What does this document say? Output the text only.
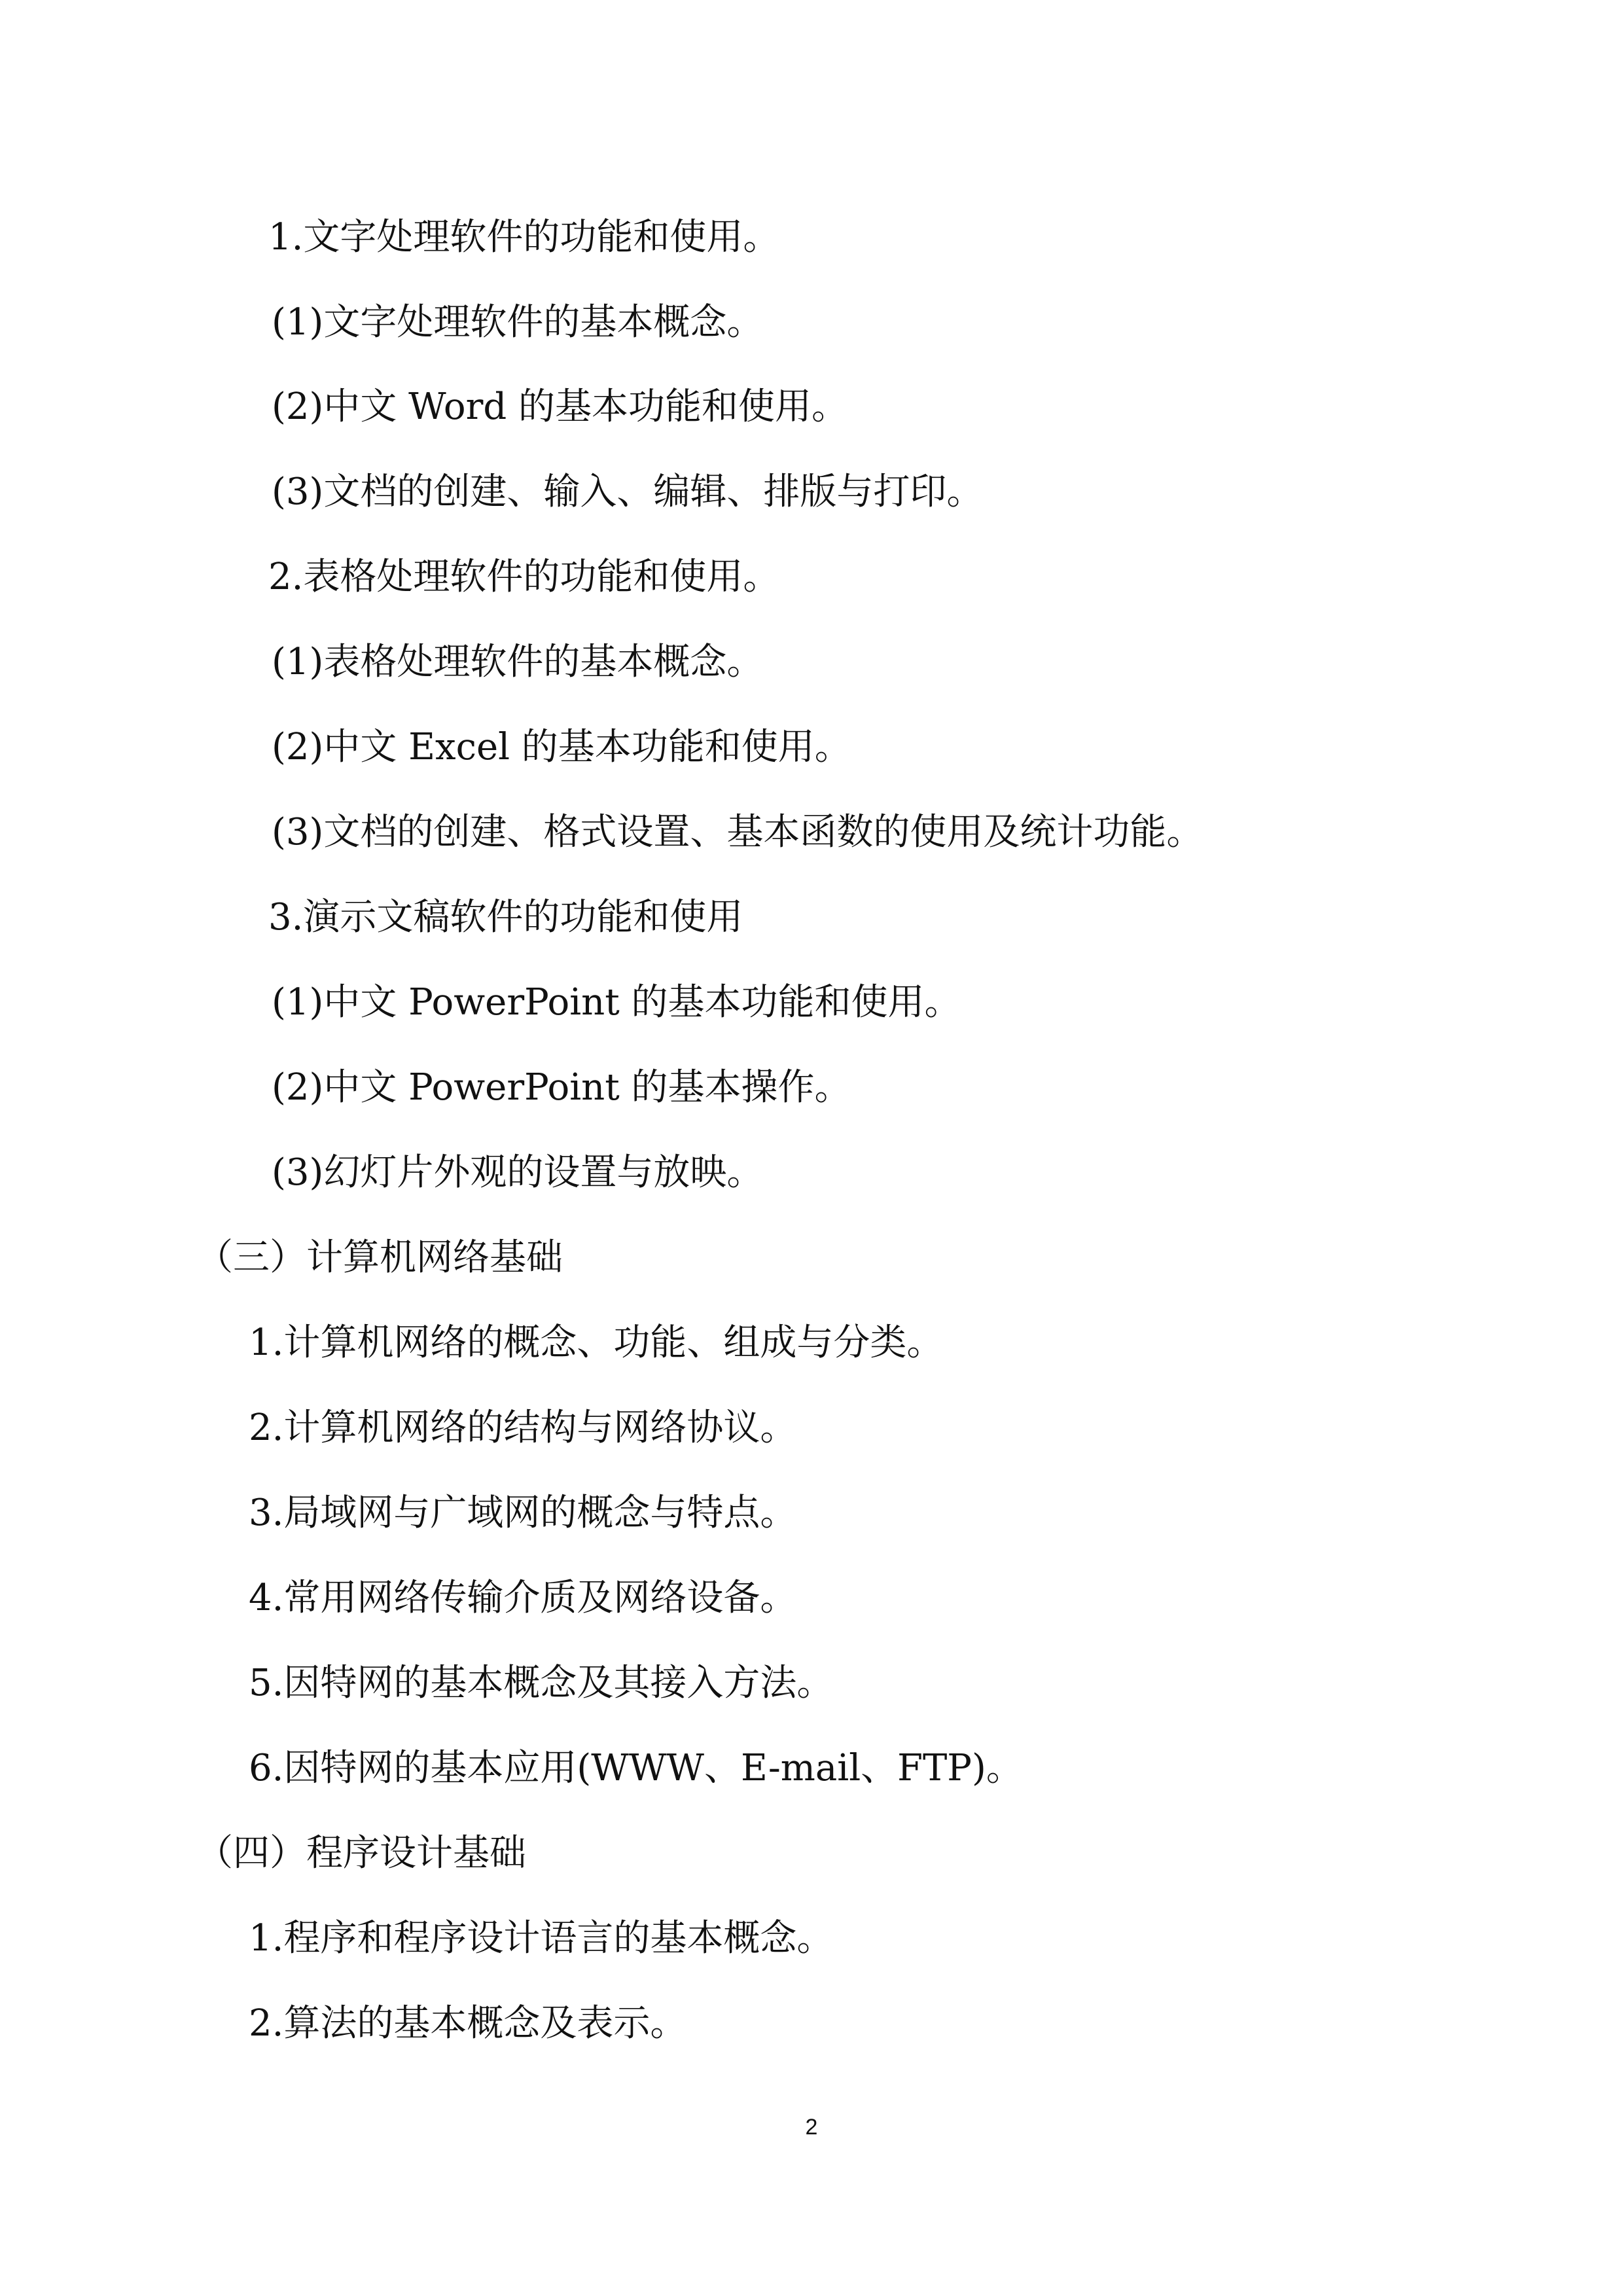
1.文字处理软件的功能和使用。
(1)文字处理软件的基本概念。
(2)中文 Word 的基本功能和使用。
(3)文档的创建、输入、编辑、排版与打印。
2.表格处理软件的功能和使用。
(1)表格处理软件的基本概念。
(2)中文 Excel 的基本功能和使用。
(3)文档的创建、格式设置、基本函数的使用及统计功能。
3.演示文稿软件的功能和使用
(1)中文 PowerPoint 的基本功能和使用。
(2)中文 PowerPoint 的基本操作。
(3)幻灯片外观的设置与放映。
（三）计算机网络基础
1.计算机网络的概念、功能、组成与分类。
2.计算机网络的结构与网络协议。
3.局域网与广域网的概念与特点。
4.常用网络传输介质及网络设备。
5.因特网的基本概念及其接入方法。
6.因特网的基本应用(WWW、E-mail、FTP)。
（四）程序设计基础
1.程序和程序设计语言的基本概念。
2.算法的基本概念及表示。
2
